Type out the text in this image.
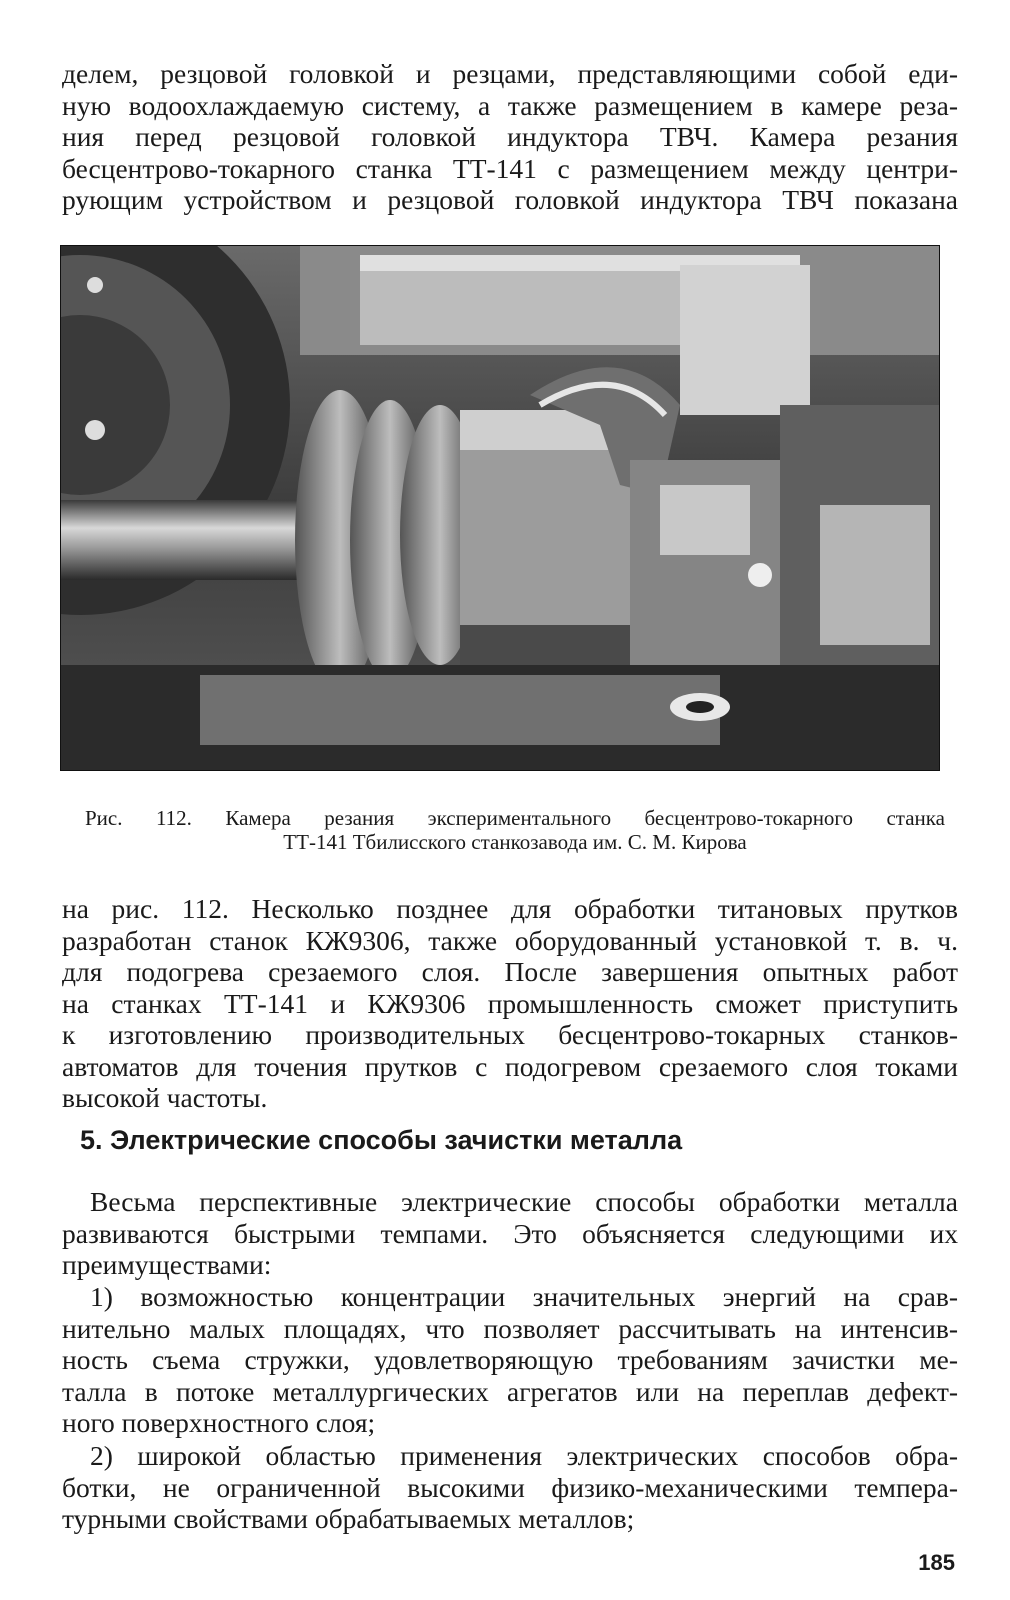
делем, резцовой головкой и резцами, представляющими собой еди-
ную водоохлаждаемую систему, а также размещением в камере реза-
ния перед резцовой головкой индуктора ТВЧ. Камера резания
бесцентрово-токарного станка ТТ-141 с размещением между центри-
рующим устройством и резцовой головкой индуктора ТВЧ показана

Рис. 112. Камера резания экспериментального бесцентрово-токарного станка
ТТ-141 Тбилисского станкозавода им. С. М. Кирова

на рис. 112. Несколько позднее для обработки титановых прутков
разработан станок КЖ9306, также оборудованный установкой т. в. ч.
для подогрева срезаемого слоя. После завершения опытных работ
на станках ТТ-141 и КЖ9306 промышленность сможет приступить
к изготовлению производительных бесцентрово-токарных станков-
автоматов для точения прутков с подогревом срезаемого слоя токами
высокой частоты.

5. Электрические способы зачистки металла

Весьма перспективные электрические способы обработки металла
развиваются быстрыми темпами. Это объясняется следующими их
преимуществами:

1) возможностью концентрации значительных энергий на срав-
нительно малых площадях, что позволяет рассчитывать на интенсив-
ность съема стружки, удовлетворяющую требованиям зачистки ме-
талла в потоке металлургических агрегатов или на переплав дефект-
ного поверхностного слоя;

2) широкой областью применения электрических способов обра-
ботки, не ограниченной высокими физико-механическими темпера-
турными свойствами обрабатываемых металлов;

185
